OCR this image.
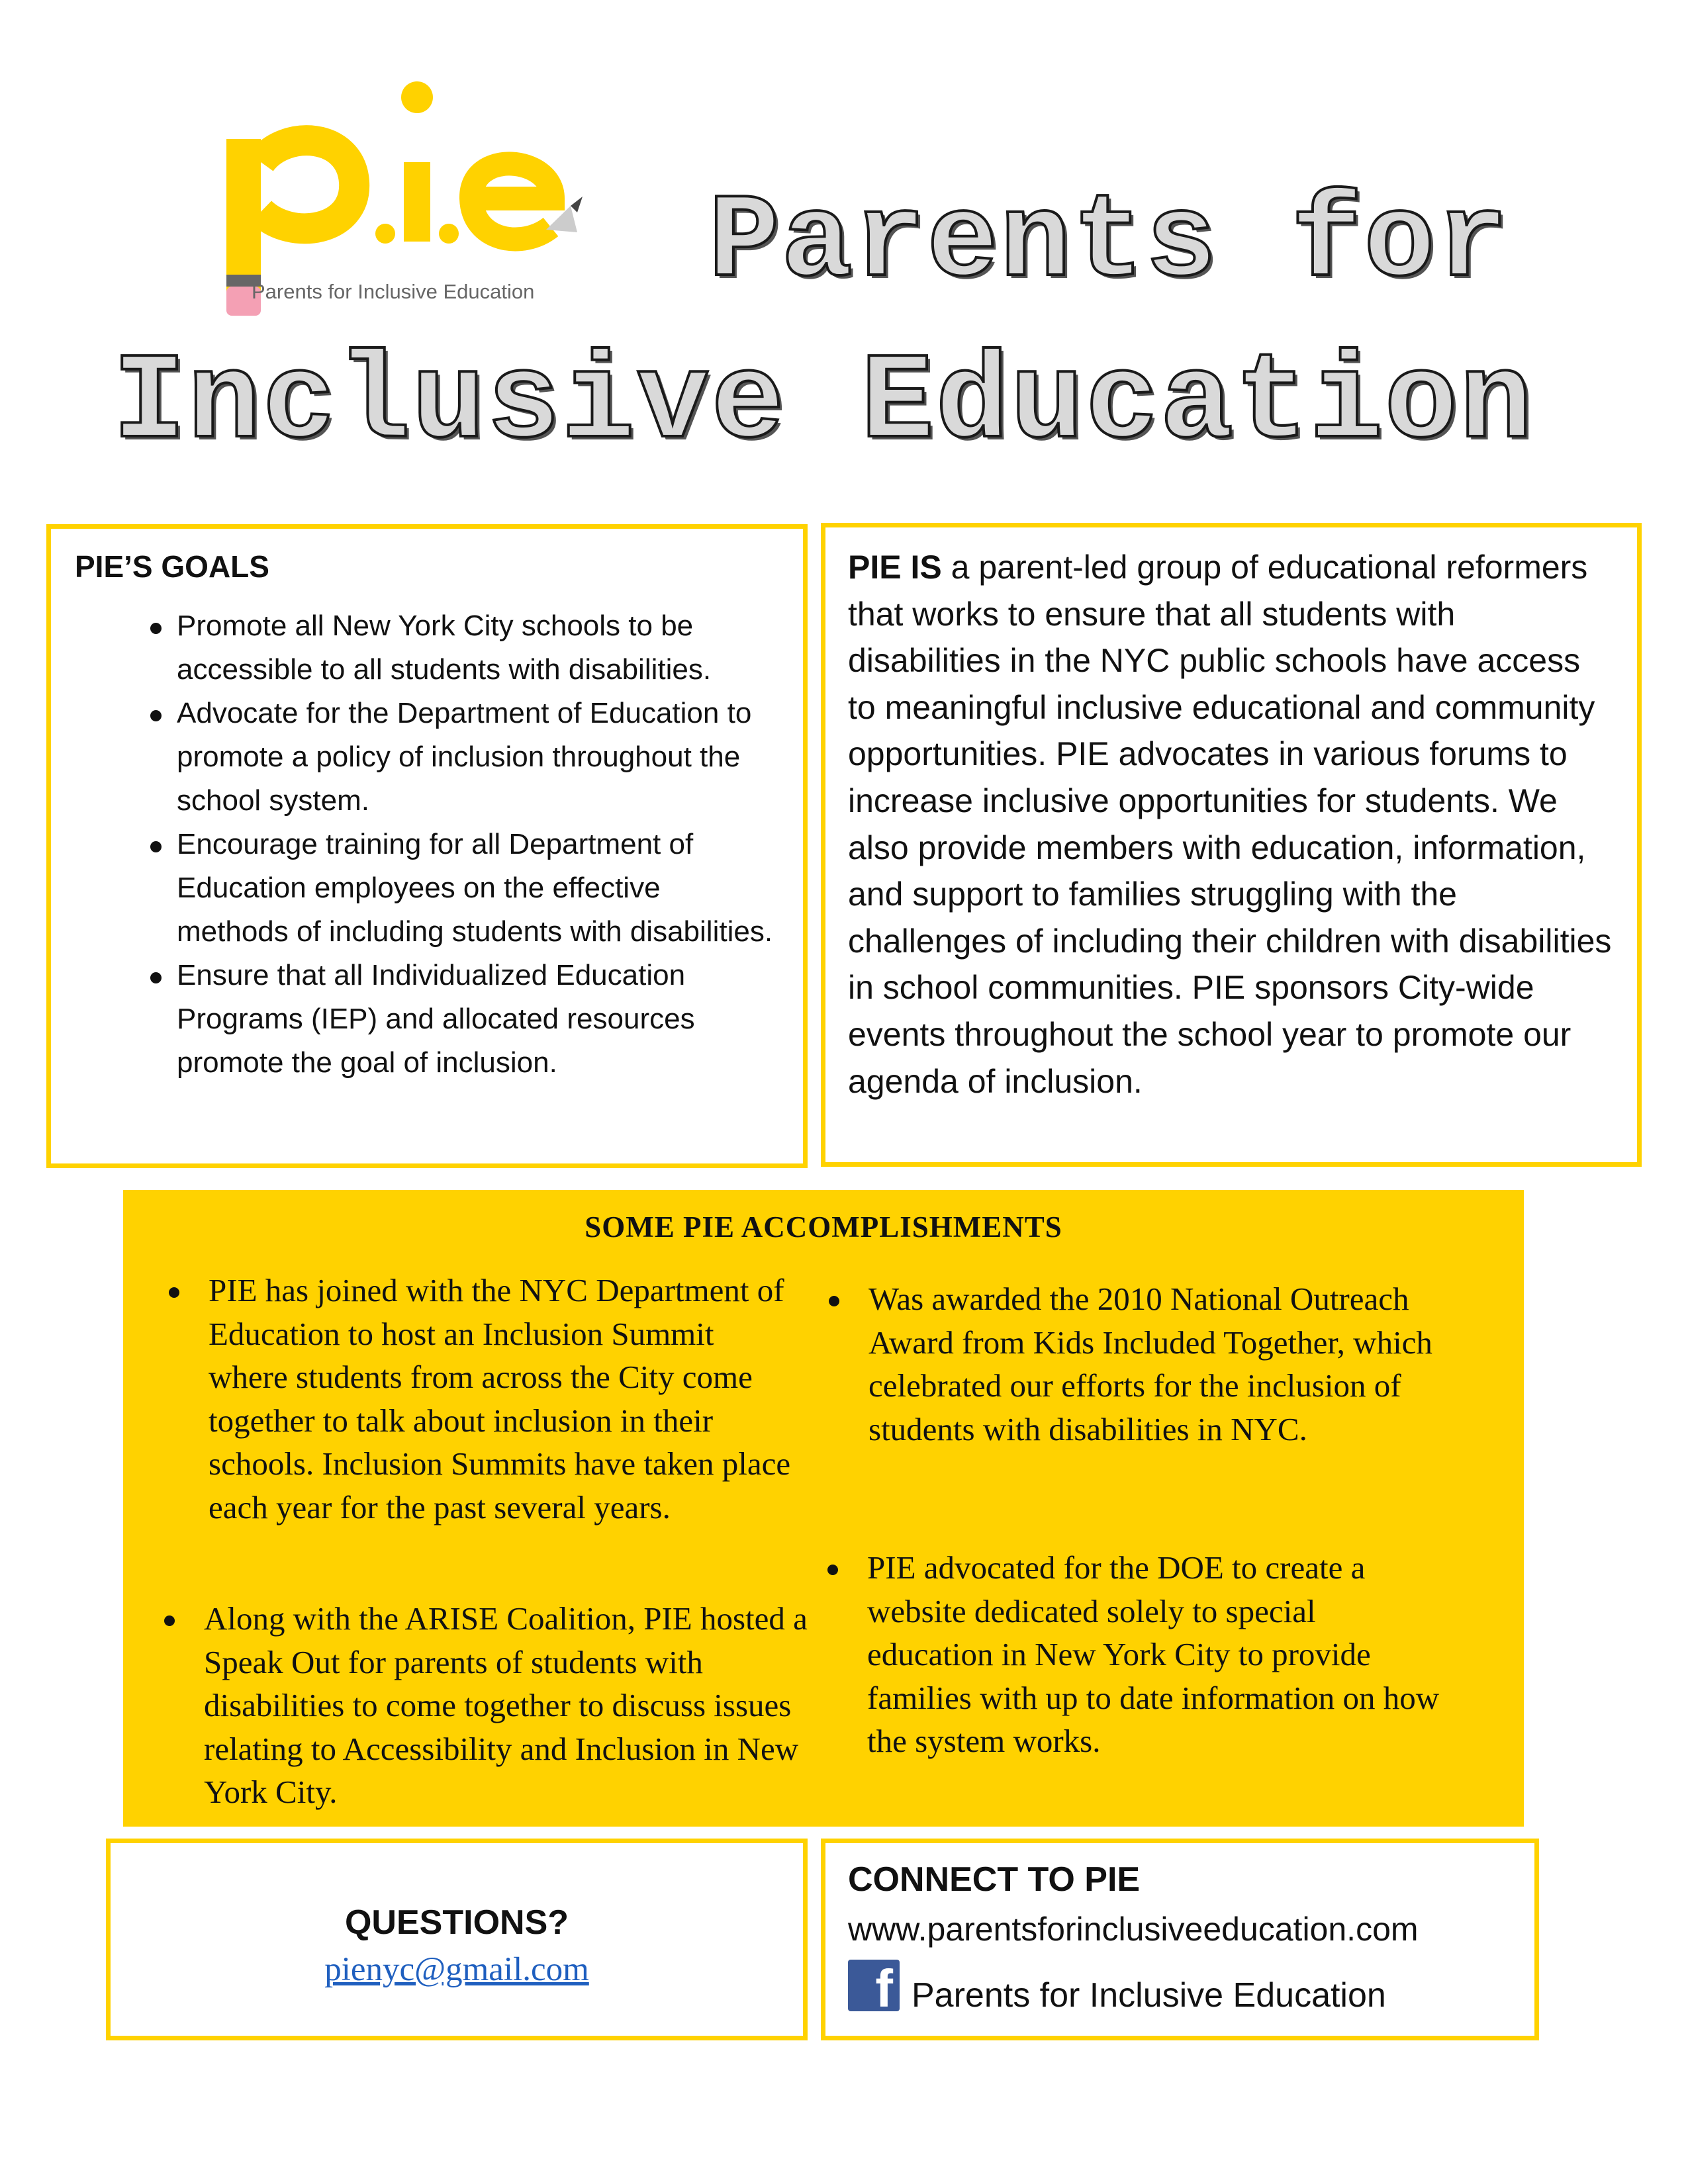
Parents for Inclusive Education Parents for
Inclusive Education
PIE’S GOALS
Promote all New York City schools to be accessible to all students with disabilities.
Advocate for the Department of Education to promote a policy of inclusion throughout the school system.
Encourage training for all Department of Education employees on the effective methods of including students with disabilities.
Ensure that all Individualized Education Programs (IEP) and allocated resources promote the goal of inclusion.

PIE IS a parent-led group of educational reformers that works to ensure that all students with disabilities in the NYC public schools have access to meaningful inclusive educational and community opportunities. PIE advocates in various forums to increase inclusive opportunities for students. We also provide members with education, information, and support to families struggling with the challenges of including their children with disabilities in school communities. PIE sponsors City-wide events throughout the school year to promote our agenda of inclusion.

SOME PIE ACCOMPLISHMENTS
PIE has joined with the NYC Department of Education to host an Inclusion Summit where students from across the City come together to talk about inclusion in their schools. Inclusion Summits have taken place each year for the past several years.
Along with the ARISE Coalition, PIE hosted a Speak Out for parents of students with disabilities to come together to discuss issues relating to Accessibility and Inclusion in New York City.
Was awarded the 2010 National Outreach Award from Kids Included Together, which celebrated our efforts for the inclusion of students with disabilities in NYC.
PIE advocated for the DOE to create a website dedicated solely to special education in New York City to provide families with up to date information on how the system works.
QUESTIONS?
pienyc@gmail.com
CONNECT TO PIE
www.parentsforinclusiveeducation.com
f Parents for Inclusive Education
